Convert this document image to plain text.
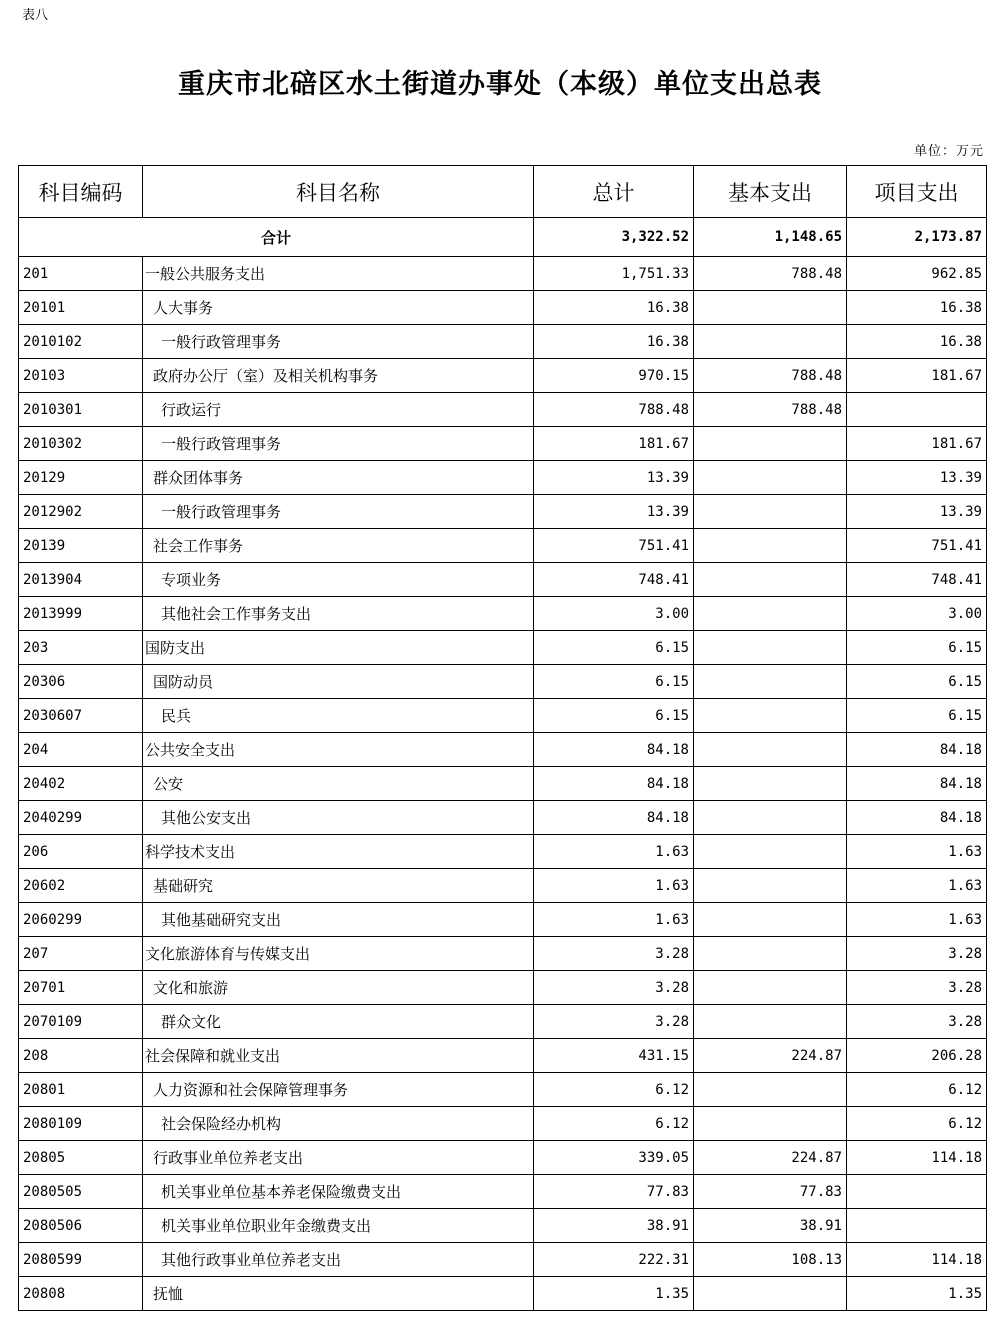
表八
重庆市北碚区水土街道办事处（本级）单位支出总表
单位：万元
科目编码	科目名称	总计	基本支出	项目支出
合计		3,322.52	1,148.65	2,173.87
201	一般公共服务支出	1,751.33	788.48	962.85
20101	人大事务	16.38		16.38
2010102	一般行政管理事务	16.38		16.38
20103	政府办公厅（室）及相关机构事务	970.15	788.48	181.67
2010301	行政运行	788.48	788.48	
2010302	一般行政管理事务	181.67		181.67
20129	群众团体事务	13.39		13.39
2012902	一般行政管理事务	13.39		13.39
20139	社会工作事务	751.41		751.41
2013904	专项业务	748.41		748.41
2013999	其他社会工作事务支出	3.00		3.00
203	国防支出	6.15		6.15
20306	国防动员	6.15		6.15
2030607	民兵	6.15		6.15
204	公共安全支出	84.18		84.18
20402	公安	84.18		84.18
2040299	其他公安支出	84.18		84.18
206	科学技术支出	1.63		1.63
20602	基础研究	1.63		1.63
2060299	其他基础研究支出	1.63		1.63
207	文化旅游体育与传媒支出	3.28		3.28
20701	文化和旅游	3.28		3.28
2070109	群众文化	3.28		3.28
208	社会保障和就业支出	431.15	224.87	206.28
20801	人力资源和社会保障管理事务	6.12		6.12
2080109	社会保险经办机构	6.12		6.12
20805	行政事业单位养老支出	339.05	224.87	114.18
2080505	机关事业单位基本养老保险缴费支出	77.83	77.83	
2080506	机关事业单位职业年金缴费支出	38.91	38.91	
2080599	其他行政事业单位养老支出	222.31	108.13	114.18
20808	抚恤	1.35		1.35
